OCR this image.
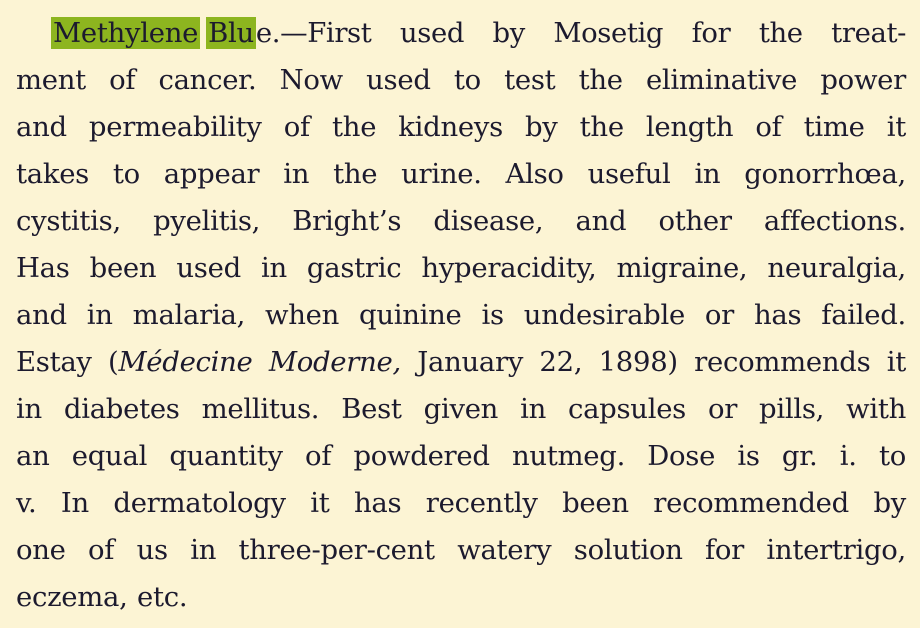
Methylene Blue.—First used by Mosetig for the treat-
ment of cancer. Now used to test the eliminative power
and permeability of the kidneys by the length of time it
takes to appear in the urine. Also useful in gonorrhœa,
cystitis, pyelitis, Bright’s disease, and other affections.
Has been used in gastric hyperacidity, migraine, neuralgia,
and in malaria, when quinine is undesirable or has failed.
Estay (Médecine Moderne, January 22, 1898) recommends it
in diabetes mellitus. Best given in capsules or pills, with
an equal quantity of powdered nutmeg. Dose is gr. i. to
v. In dermatology it has recently been recommended by
one of us in three-per-cent watery solution for intertrigo,
eczema, etc.
